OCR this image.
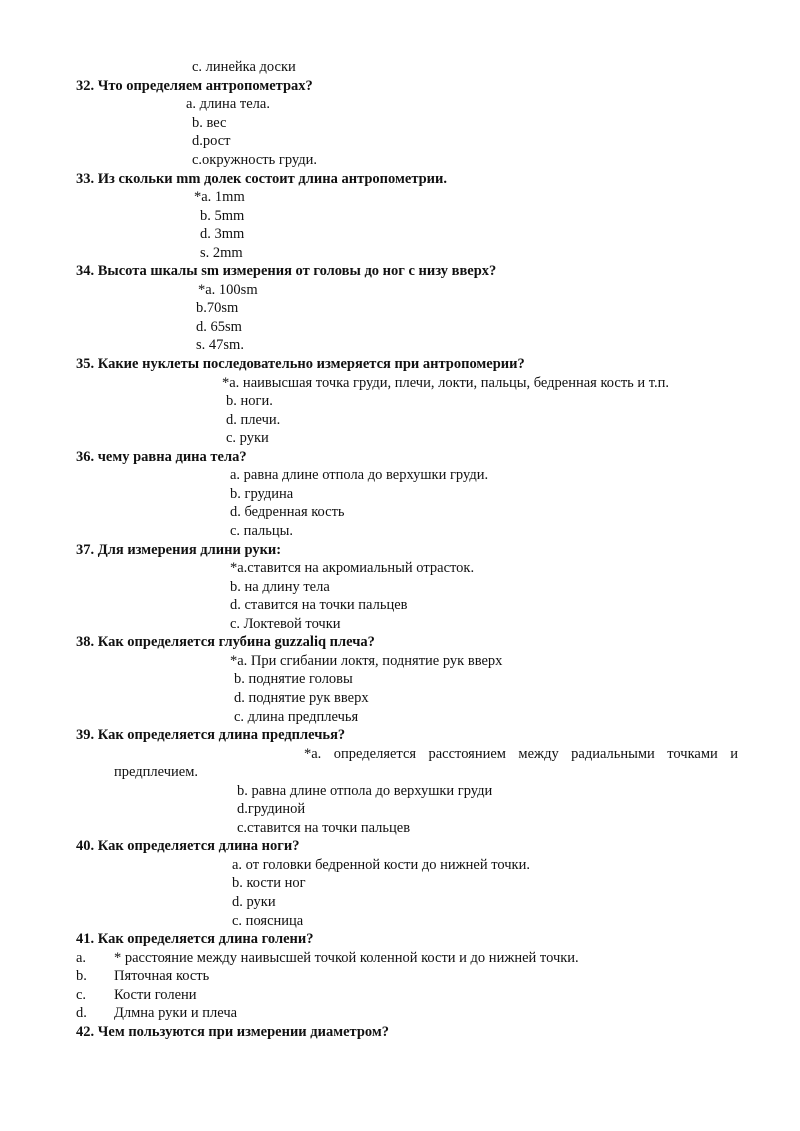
с. линейка доски
32. Что определяем антропометрах?
а. длина тела.
b. вес
d.рост
с.окружность груди.
33. Из скольки mm долек состоит длина антропометрии.
*a. 1mm
b. 5mm
d. 3mm
s. 2mm
34. Высота шкалы sm измерения от головы до ног с низу вверх?
*a. 100sm
b.70sm
d. 65sm
s. 47sm.
35. Какие нуклеты последовательно измеряется при антропомерии?
*a. наивысшая точка груди, плечи, локти, пальцы, бедренная кость и т.п.
b. ноги.
d. плечи.
с. руки
36. чему равна дина тела?
а. равна длине отпола до верхушки груди.
b. грудина
d. бедренная кость
с. пальцы.
37. Для измерения длини руки:
*а.ставится на акромиальный отрасток.
b. на длину тела
d. ставится на точки пальцев
c. Локтевой точки
38. Как определяется глубина guzzaliq плеча?
*а. При сгибании локтя, поднятие рук вверх
b. поднятие головы
d. поднятие рук вверх
с. длина предплечья
39. Как определяется длина предплечья?
*а. определяется расстоянием между радиальными точками и
предплечием.
b. равна длине отпола до верхушки груди
d.грудиной
с.ставится на точки пальцев
40. Как определяется длина ноги?
а. от головки бедренной кости до нижней точки.
b. кости ног
d. руки
с. поясница
41. Как определяется длина голени?
a. * расстояние между наивысшей точкой коленной кости и до нижней точки.
b. Пяточная кость
c. Кости голени
d. Длмна руки и плеча
42. Чем пользуются при измерении диаметром?
